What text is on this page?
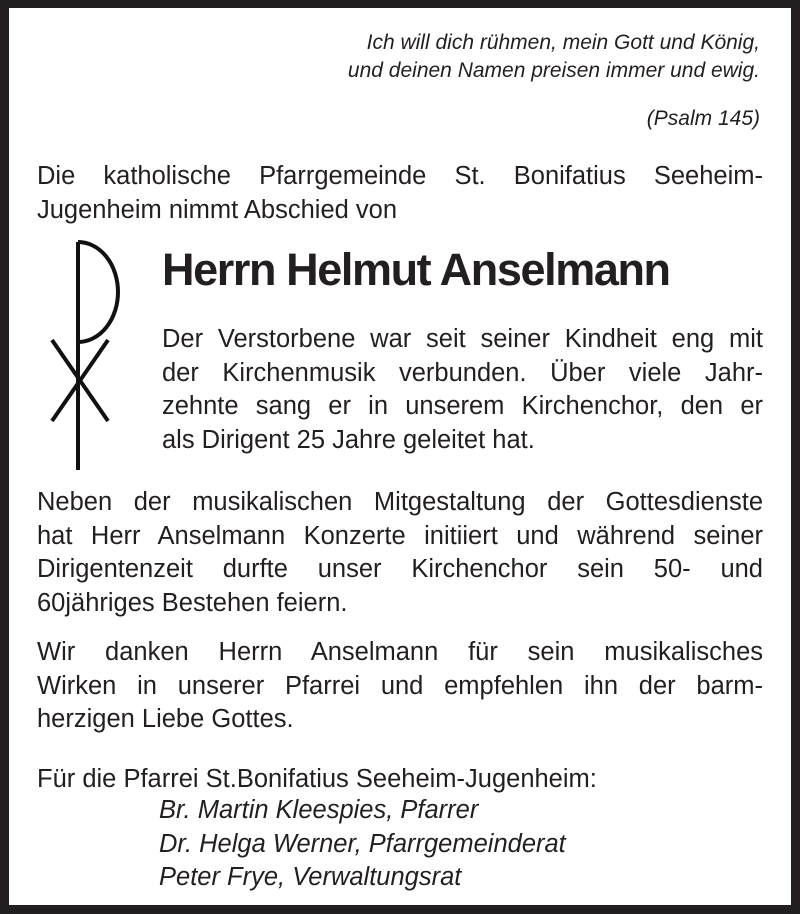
Ich will dich rühmen, mein Gott und König,
und deinen Namen preisen immer und ewig.
(Psalm 145)
Die katholische Pfarrgemeinde St. Bonifatius Seeheim-
Jugenheim nimmt Abschied von
Herrn Helmut Anselmann
Der Verstorbene war seit seiner Kindheit eng mit
der Kirchenmusik verbunden. Über viele Jahr-
zehnte sang er in unserem Kirchenchor, den er
als Dirigent 25 Jahre geleitet hat.
Neben der musikalischen Mitgestaltung der Gottesdienste
hat Herr Anselmann Konzerte initiiert und während seiner
Dirigentenzeit durfte unser Kirchenchor sein 50- und
60jähriges Bestehen feiern.
Wir danken Herrn Anselmann für sein musikalisches
Wirken in unserer Pfarrei und empfehlen ihn der barm-
herzigen Liebe Gottes.
Für die Pfarrei St.Bonifatius Seeheim-Jugenheim:
Br. Martin Kleespies, Pfarrer
Dr. Helga Werner, Pfarrgemeinderat
Peter Frye, Verwaltungsrat
